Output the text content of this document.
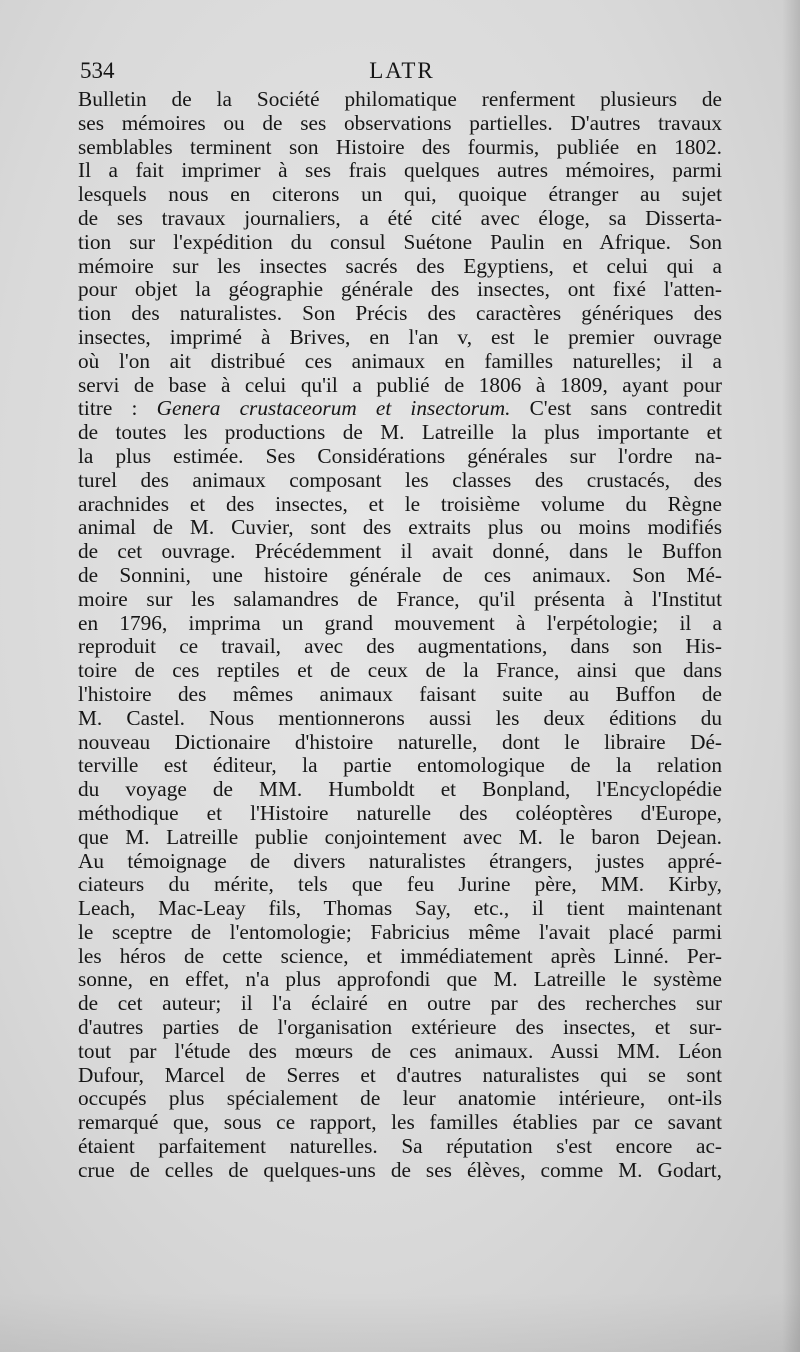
534	LATR
Bulletin de la Société philomatique renferment plusieurs de
ses mémoires ou de ses observations partielles. D'autres travaux
semblables terminent son Histoire des fourmis, publiée en 1802.
Il a fait imprimer à ses frais quelques autres mémoires, parmi
lesquels nous en citerons un qui, quoique étranger au sujet
de ses travaux journaliers, a été cité avec éloge, sa Disserta-
tion sur l'expédition du consul Suétone Paulin en Afrique. Son
mémoire sur les insectes sacrés des Egyptiens, et celui qui a
pour objet la géographie générale des insectes, ont fixé l'atten-
tion des naturalistes. Son Précis des caractères génériques des
insectes, imprimé à Brives, en l'an v, est le premier ouvrage
où l'on ait distribué ces animaux en familles naturelles; il a
servi de base à celui qu'il a publié de 1806 à 1809, ayant pour
titre : Genera crustaceorum et insectorum. C'est sans contredit
de toutes les productions de M. Latreille la plus importante et
la plus estimée. Ses Considérations générales sur l'ordre na-
turel des animaux composant les classes des crustacés, des
arachnides et des insectes, et le troisième volume du Règne
animal de M. Cuvier, sont des extraits plus ou moins modifiés
de cet ouvrage. Précédemment il avait donné, dans le Buffon
de Sonnini, une histoire générale de ces animaux. Son Mé-
moire sur les salamandres de France, qu'il présenta à l'Institut
en 1796, imprima un grand mouvement à l'erpétologie; il a
reproduit ce travail, avec des augmentations, dans son His-
toire de ces reptiles et de ceux de la France, ainsi que dans
l'histoire des mêmes animaux faisant suite au Buffon de
M. Castel. Nous mentionnerons aussi les deux éditions du
nouveau Dictionaire d'histoire naturelle, dont le libraire Dé-
terville est éditeur, la partie entomologique de la relation
du voyage de MM. Humboldt et Bonpland, l'Encyclopédie
méthodique et l'Histoire naturelle des coléoptères d'Europe,
que M. Latreille publie conjointement avec M. le baron Dejean.
Au témoignage de divers naturalistes étrangers, justes appré-
ciateurs du mérite, tels que feu Jurine père, MM. Kirby,
Leach, Mac-Leay fils, Thomas Say, etc., il tient maintenant
le sceptre de l'entomologie; Fabricius même l'avait placé parmi
les héros de cette science, et immédiatement après Linné. Per-
sonne, en effet, n'a plus approfondi que M. Latreille le système
de cet auteur; il l'a éclairé en outre par des recherches sur
d'autres parties de l'organisation extérieure des insectes, et sur-
tout par l'étude des mœurs de ces animaux. Aussi MM. Léon
Dufour, Marcel de Serres et d'autres naturalistes qui se sont
occupés plus spécialement de leur anatomie intérieure, ont-ils
remarqué que, sous ce rapport, les familles établies par ce savant
étaient parfaitement naturelles. Sa réputation s'est encore ac-
crue de celles de quelques-uns de ses élèves, comme M. Godart,
